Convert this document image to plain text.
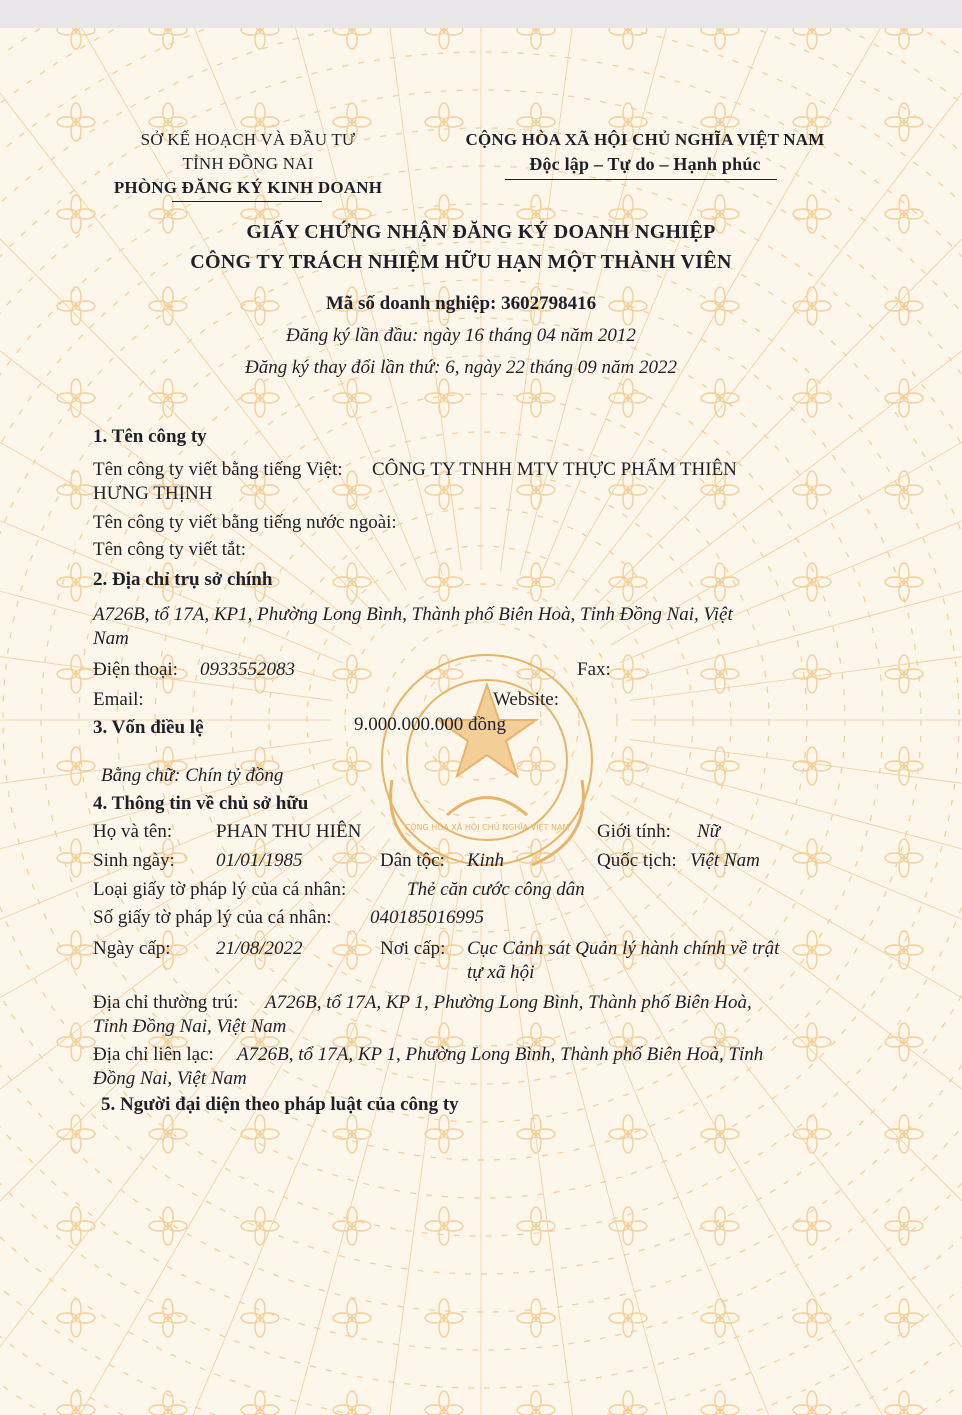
CỘNG HÒA XÃ HỘI CHỦ NGHĨA VIỆT NAM
SỞ KẾ HOẠCH VÀ ĐẦU TƯ
TỈNH ĐỒNG NAI
PHÒNG ĐĂNG KÝ KINH DOANH
CỘNG HÒA XÃ HỘI CHỦ NGHĨA VIỆT NAM
Độc lập – Tự do – Hạnh phúc
GIẤY CHỨNG NHẬN ĐĂNG KÝ DOANH NGHIỆP
CÔNG TY TRÁCH NHIỆM HỮU HẠN MỘT THÀNH VIÊN
Mã số doanh nghiệp: 3602798416
Đăng ký lần đầu: ngày 16 tháng 04 năm 2012
Đăng ký thay đổi lần thứ: 6, ngày 22 tháng 09 năm 2022
1. Tên công ty
Tên công ty viết bằng tiếng Việt: CÔNG TY TNHH MTV THỰC PHẨM THIÊN
HƯNG THỊNH
Tên công ty viết bằng tiếng nước ngoài:
Tên công ty viết tắt:
2. Địa chỉ trụ sở chính
A726B, tổ 17A, KP1, Phường Long Bình, Thành phố Biên Hoà, Tỉnh Đồng Nai, Việt
Nam
Điện thoại: 0933552083	Fax:
Email:	Website:
3. Vốn điều lệ	9.000.000.000 đồng
Bằng chữ: Chín tỷ đồng
4. Thông tin về chủ sở hữu
Họ và tên: PHAN THU HIÊN	Giới tính: Nữ
Sinh ngày: 01/01/1985	Dân tộc: Kinh	Quốc tịch: Việt Nam
Loại giấy tờ pháp lý của cá nhân:	Thẻ căn cước công dân
Số giấy tờ pháp lý của cá nhân: 040185016995
Ngày cấp: 21/08/2022	Nơi cấp: Cục Cảnh sát Quản lý hành chính về trật
tự xã hội
Địa chỉ thường trú: A726B, tổ 17A, KP 1, Phường Long Bình, Thành phố Biên Hoà,
Tỉnh Đồng Nai, Việt Nam
Địa chỉ liên lạc: A726B, tổ 17A, KP 1, Phường Long Bình, Thành phố Biên Hoà, Tỉnh
Đồng Nai, Việt Nam
5. Người đại diện theo pháp luật của công ty
